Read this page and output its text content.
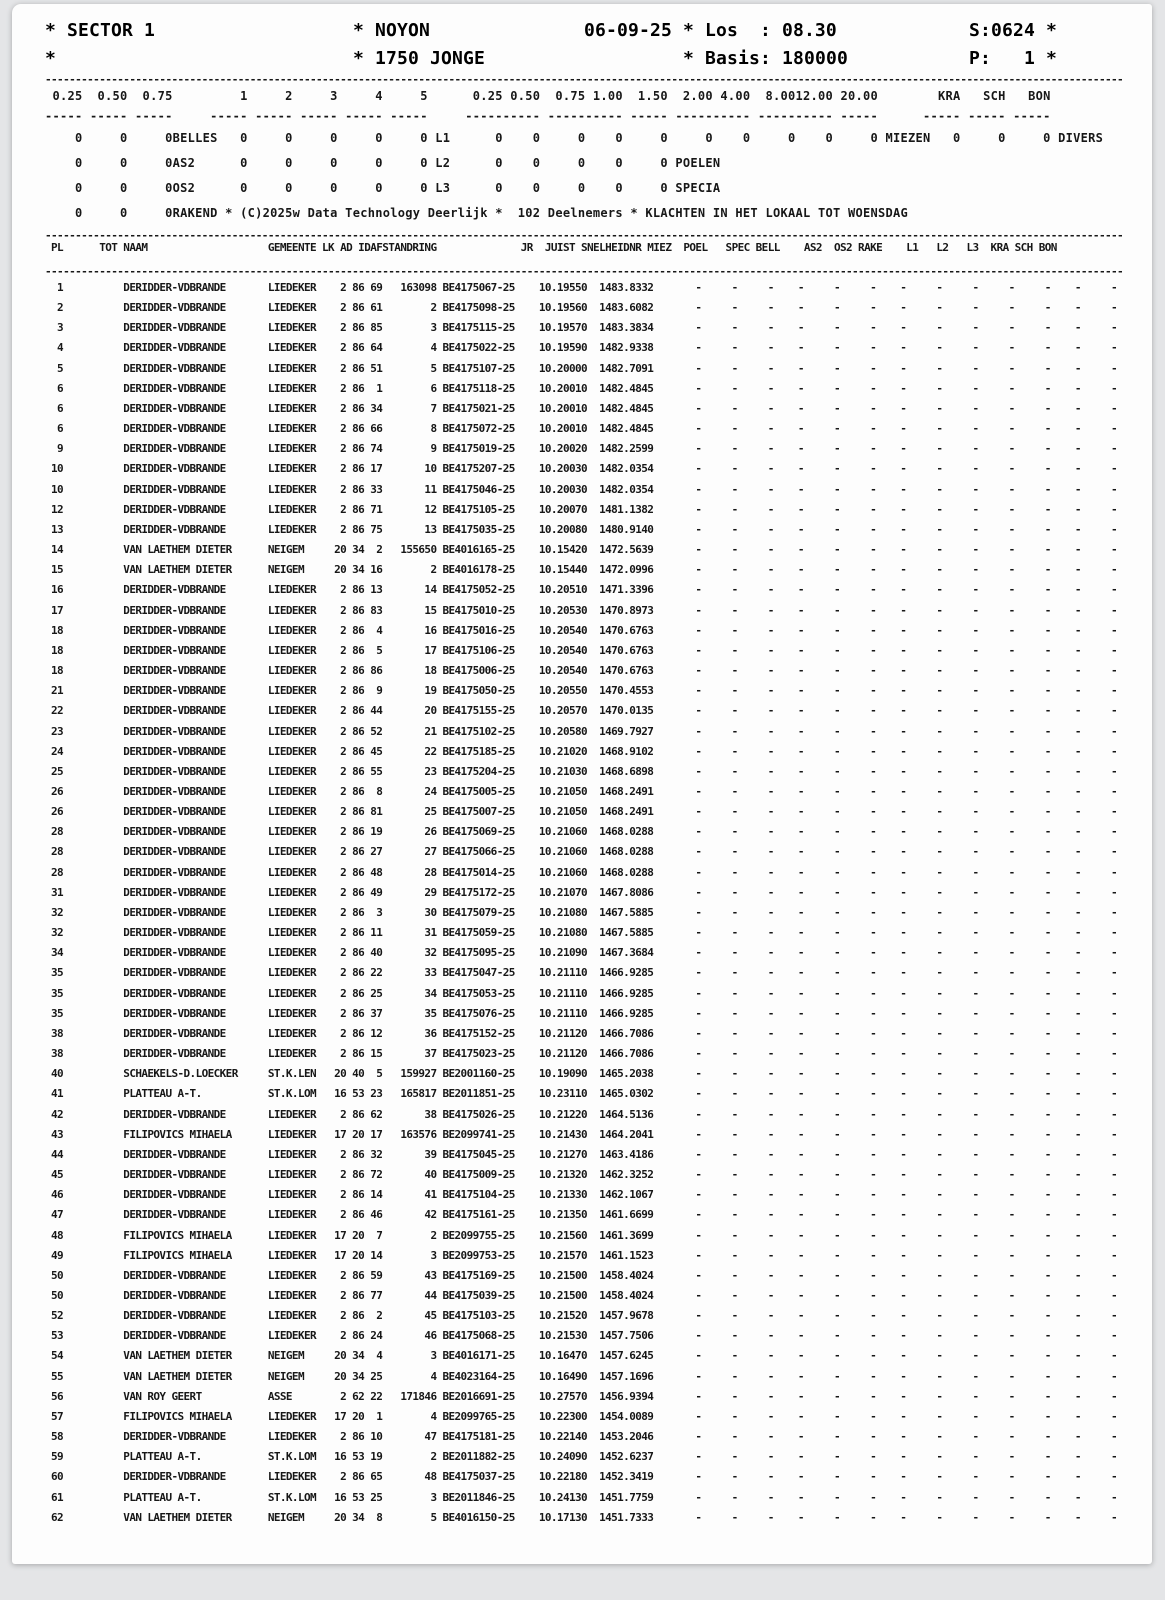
* SECTOR 1	* NOYON	06-09-25 * Los  : 08.30	S:0624 *
*	* 1750 JONGE	* Basis: 180000	P:   1 *
-----------------------------------------------------------------------------------------------------------------------------------------------------------------------------------
0.25  0.50  0.75         1     2     3     4     5      0.25 0.50  0.75 1.00  1.50  2.00 4.00  8.0012.00 20.00        KRA   SCH   BON
----- ----- -----     ----- ----- ----- ----- -----     ---------- ---------- ----- ---------- ---------- -----      ----- ----- -----
0     0     0BELLES   0     0     0     0     0 L1      0    0     0    0     0     0    0     0    0     0 MIEZEN   0     0     0 DIVERS
0     0     0AS2      0     0     0     0     0 L2      0    0     0    0     0 POELEN
0     0     0OS2      0     0     0     0     0 L3      0    0     0    0     0 SPECIA
0     0     0RAKEND * (C)2025w Data Technology Deerlijk *  102 Deelnemers * KLACHTEN IN HET LOKAAL TOT WOENSDAG
-----------------------------------------------------------------------------------------------------------------------------------------------------------------------------------
PL      TOT NAAM                    GEMEENTE LK AD IDAFSTANDRING              JR  JUIST SNELHEIDNR MIEZ  POEL   SPEC BELL    AS2  OS2 RAKE    L1   L2   L3  KRA SCH BON
-----------------------------------------------------------------------------------------------------------------------------------------------------------------------------------
1          DERIDDER-VDBRANDE       LIEDEKER    2 86 69   163098 BE4175067-25    10.19550  1483.8332       -     -     -    -     -     -    -     -     -     -     -    -     -
2          DERIDDER-VDBRANDE       LIEDEKER    2 86 61        2 BE4175098-25    10.19560  1483.6082       -     -     -    -     -     -    -     -     -     -     -    -     -
3          DERIDDER-VDBRANDE       LIEDEKER    2 86 85        3 BE4175115-25    10.19570  1483.3834       -     -     -    -     -     -    -     -     -     -     -    -     -
4          DERIDDER-VDBRANDE       LIEDEKER    2 86 64        4 BE4175022-25    10.19590  1482.9338       -     -     -    -     -     -    -     -     -     -     -    -     -
5          DERIDDER-VDBRANDE       LIEDEKER    2 86 51        5 BE4175107-25    10.20000  1482.7091       -     -     -    -     -     -    -     -     -     -     -    -     -
6          DERIDDER-VDBRANDE       LIEDEKER    2 86  1        6 BE4175118-25    10.20010  1482.4845       -     -     -    -     -     -    -     -     -     -     -    -     -
6          DERIDDER-VDBRANDE       LIEDEKER    2 86 34        7 BE4175021-25    10.20010  1482.4845       -     -     -    -     -     -    -     -     -     -     -    -     -
6          DERIDDER-VDBRANDE       LIEDEKER    2 86 66        8 BE4175072-25    10.20010  1482.4845       -     -     -    -     -     -    -     -     -     -     -    -     -
9          DERIDDER-VDBRANDE       LIEDEKER    2 86 74        9 BE4175019-25    10.20020  1482.2599       -     -     -    -     -     -    -     -     -     -     -    -     -
10          DERIDDER-VDBRANDE       LIEDEKER    2 86 17       10 BE4175207-25    10.20030  1482.0354       -     -     -    -     -     -    -     -     -     -     -    -     -
10          DERIDDER-VDBRANDE       LIEDEKER    2 86 33       11 BE4175046-25    10.20030  1482.0354       -     -     -    -     -     -    -     -     -     -     -    -     -
12          DERIDDER-VDBRANDE       LIEDEKER    2 86 71       12 BE4175105-25    10.20070  1481.1382       -     -     -    -     -     -    -     -     -     -     -    -     -
13          DERIDDER-VDBRANDE       LIEDEKER    2 86 75       13 BE4175035-25    10.20080  1480.9140       -     -     -    -     -     -    -     -     -     -     -    -     -
14          VAN LAETHEM DIETER      NEIGEM     20 34  2   155650 BE4016165-25    10.15420  1472.5639       -     -     -    -     -     -    -     -     -     -     -    -     -
15          VAN LAETHEM DIETER      NEIGEM     20 34 16        2 BE4016178-25    10.15440  1472.0996       -     -     -    -     -     -    -     -     -     -     -    -     -
16          DERIDDER-VDBRANDE       LIEDEKER    2 86 13       14 BE4175052-25    10.20510  1471.3396       -     -     -    -     -     -    -     -     -     -     -    -     -
17          DERIDDER-VDBRANDE       LIEDEKER    2 86 83       15 BE4175010-25    10.20530  1470.8973       -     -     -    -     -     -    -     -     -     -     -    -     -
18          DERIDDER-VDBRANDE       LIEDEKER    2 86  4       16 BE4175016-25    10.20540  1470.6763       -     -     -    -     -     -    -     -     -     -     -    -     -
18          DERIDDER-VDBRANDE       LIEDEKER    2 86  5       17 BE4175106-25    10.20540  1470.6763       -     -     -    -     -     -    -     -     -     -     -    -     -
18          DERIDDER-VDBRANDE       LIEDEKER    2 86 86       18 BE4175006-25    10.20540  1470.6763       -     -     -    -     -     -    -     -     -     -     -    -     -
21          DERIDDER-VDBRANDE       LIEDEKER    2 86  9       19 BE4175050-25    10.20550  1470.4553       -     -     -    -     -     -    -     -     -     -     -    -     -
22          DERIDDER-VDBRANDE       LIEDEKER    2 86 44       20 BE4175155-25    10.20570  1470.0135       -     -     -    -     -     -    -     -     -     -     -    -     -
23          DERIDDER-VDBRANDE       LIEDEKER    2 86 52       21 BE4175102-25    10.20580  1469.7927       -     -     -    -     -     -    -     -     -     -     -    -     -
24          DERIDDER-VDBRANDE       LIEDEKER    2 86 45       22 BE4175185-25    10.21020  1468.9102       -     -     -    -     -     -    -     -     -     -     -    -     -
25          DERIDDER-VDBRANDE       LIEDEKER    2 86 55       23 BE4175204-25    10.21030  1468.6898       -     -     -    -     -     -    -     -     -     -     -    -     -
26          DERIDDER-VDBRANDE       LIEDEKER    2 86  8       24 BE4175005-25    10.21050  1468.2491       -     -     -    -     -     -    -     -     -     -     -    -     -
26          DERIDDER-VDBRANDE       LIEDEKER    2 86 81       25 BE4175007-25    10.21050  1468.2491       -     -     -    -     -     -    -     -     -     -     -    -     -
28          DERIDDER-VDBRANDE       LIEDEKER    2 86 19       26 BE4175069-25    10.21060  1468.0288       -     -     -    -     -     -    -     -     -     -     -    -     -
28          DERIDDER-VDBRANDE       LIEDEKER    2 86 27       27 BE4175066-25    10.21060  1468.0288       -     -     -    -     -     -    -     -     -     -     -    -     -
28          DERIDDER-VDBRANDE       LIEDEKER    2 86 48       28 BE4175014-25    10.21060  1468.0288       -     -     -    -     -     -    -     -     -     -     -    -     -
31          DERIDDER-VDBRANDE       LIEDEKER    2 86 49       29 BE4175172-25    10.21070  1467.8086       -     -     -    -     -     -    -     -     -     -     -    -     -
32          DERIDDER-VDBRANDE       LIEDEKER    2 86  3       30 BE4175079-25    10.21080  1467.5885       -     -     -    -     -     -    -     -     -     -     -    -     -
32          DERIDDER-VDBRANDE       LIEDEKER    2 86 11       31 BE4175059-25    10.21080  1467.5885       -     -     -    -     -     -    -     -     -     -     -    -     -
34          DERIDDER-VDBRANDE       LIEDEKER    2 86 40       32 BE4175095-25    10.21090  1467.3684       -     -     -    -     -     -    -     -     -     -     -    -     -
35          DERIDDER-VDBRANDE       LIEDEKER    2 86 22       33 BE4175047-25    10.21110  1466.9285       -     -     -    -     -     -    -     -     -     -     -    -     -
35          DERIDDER-VDBRANDE       LIEDEKER    2 86 25       34 BE4175053-25    10.21110  1466.9285       -     -     -    -     -     -    -     -     -     -     -    -     -
35          DERIDDER-VDBRANDE       LIEDEKER    2 86 37       35 BE4175076-25    10.21110  1466.9285       -     -     -    -     -     -    -     -     -     -     -    -     -
38          DERIDDER-VDBRANDE       LIEDEKER    2 86 12       36 BE4175152-25    10.21120  1466.7086       -     -     -    -     -     -    -     -     -     -     -    -     -
38          DERIDDER-VDBRANDE       LIEDEKER    2 86 15       37 BE4175023-25    10.21120  1466.7086       -     -     -    -     -     -    -     -     -     -     -    -     -
40          SCHAEKELS-D.LOECKER     ST.K.LEN   20 40  5   159927 BE2001160-25    10.19090  1465.2038       -     -     -    -     -     -    -     -     -     -     -    -     -
41          PLATTEAU A-T.           ST.K.LOM   16 53 23   165817 BE2011851-25    10.23110  1465.0302       -     -     -    -     -     -    -     -     -     -     -    -     -
42          DERIDDER-VDBRANDE       LIEDEKER    2 86 62       38 BE4175026-25    10.21220  1464.5136       -     -     -    -     -     -    -     -     -     -     -    -     -
43          FILIPOVICS MIHAELA      LIEDEKER   17 20 17   163576 BE2099741-25    10.21430  1464.2041       -     -     -    -     -     -    -     -     -     -     -    -     -
44          DERIDDER-VDBRANDE       LIEDEKER    2 86 32       39 BE4175045-25    10.21270  1463.4186       -     -     -    -     -     -    -     -     -     -     -    -     -
45          DERIDDER-VDBRANDE       LIEDEKER    2 86 72       40 BE4175009-25    10.21320  1462.3252       -     -     -    -     -     -    -     -     -     -     -    -     -
46          DERIDDER-VDBRANDE       LIEDEKER    2 86 14       41 BE4175104-25    10.21330  1462.1067       -     -     -    -     -     -    -     -     -     -     -    -     -
47          DERIDDER-VDBRANDE       LIEDEKER    2 86 46       42 BE4175161-25    10.21350  1461.6699       -     -     -    -     -     -    -     -     -     -     -    -     -
48          FILIPOVICS MIHAELA      LIEDEKER   17 20  7        2 BE2099755-25    10.21560  1461.3699       -     -     -    -     -     -    -     -     -     -     -    -     -
49          FILIPOVICS MIHAELA      LIEDEKER   17 20 14        3 BE2099753-25    10.21570  1461.1523       -     -     -    -     -     -    -     -     -     -     -    -     -
50          DERIDDER-VDBRANDE       LIEDEKER    2 86 59       43 BE4175169-25    10.21500  1458.4024       -     -     -    -     -     -    -     -     -     -     -    -     -
50          DERIDDER-VDBRANDE       LIEDEKER    2 86 77       44 BE4175039-25    10.21500  1458.4024       -     -     -    -     -     -    -     -     -     -     -    -     -
52          DERIDDER-VDBRANDE       LIEDEKER    2 86  2       45 BE4175103-25    10.21520  1457.9678       -     -     -    -     -     -    -     -     -     -     -    -     -
53          DERIDDER-VDBRANDE       LIEDEKER    2 86 24       46 BE4175068-25    10.21530  1457.7506       -     -     -    -     -     -    -     -     -     -     -    -     -
54          VAN LAETHEM DIETER      NEIGEM     20 34  4        3 BE4016171-25    10.16470  1457.6245       -     -     -    -     -     -    -     -     -     -     -    -     -
55          VAN LAETHEM DIETER      NEIGEM     20 34 25        4 BE4023164-25    10.16490  1457.1696       -     -     -    -     -     -    -     -     -     -     -    -     -
56          VAN ROY GEERT           ASSE        2 62 22   171846 BE2016691-25    10.27570  1456.9394       -     -     -    -     -     -    -     -     -     -     -    -     -
57          FILIPOVICS MIHAELA      LIEDEKER   17 20  1        4 BE2099765-25    10.22300  1454.0089       -     -     -    -     -     -    -     -     -     -     -    -     -
58          DERIDDER-VDBRANDE       LIEDEKER    2 86 10       47 BE4175181-25    10.22140  1453.2046       -     -     -    -     -     -    -     -     -     -     -    -     -
59          PLATTEAU A-T.           ST.K.LOM   16 53 19        2 BE2011882-25    10.24090  1452.6237       -     -     -    -     -     -    -     -     -     -     -    -     -
60          DERIDDER-VDBRANDE       LIEDEKER    2 86 65       48 BE4175037-25    10.22180  1452.3419       -     -     -    -     -     -    -     -     -     -     -    -     -
61          PLATTEAU A-T.           ST.K.LOM   16 53 25        3 BE2011846-25    10.24130  1451.7759       -     -     -    -     -     -    -     -     -     -     -    -     -
62          VAN LAETHEM DIETER      NEIGEM     20 34  8        5 BE4016150-25    10.17130  1451.7333       -     -     -    -     -     -    -     -     -     -     -    -     -
